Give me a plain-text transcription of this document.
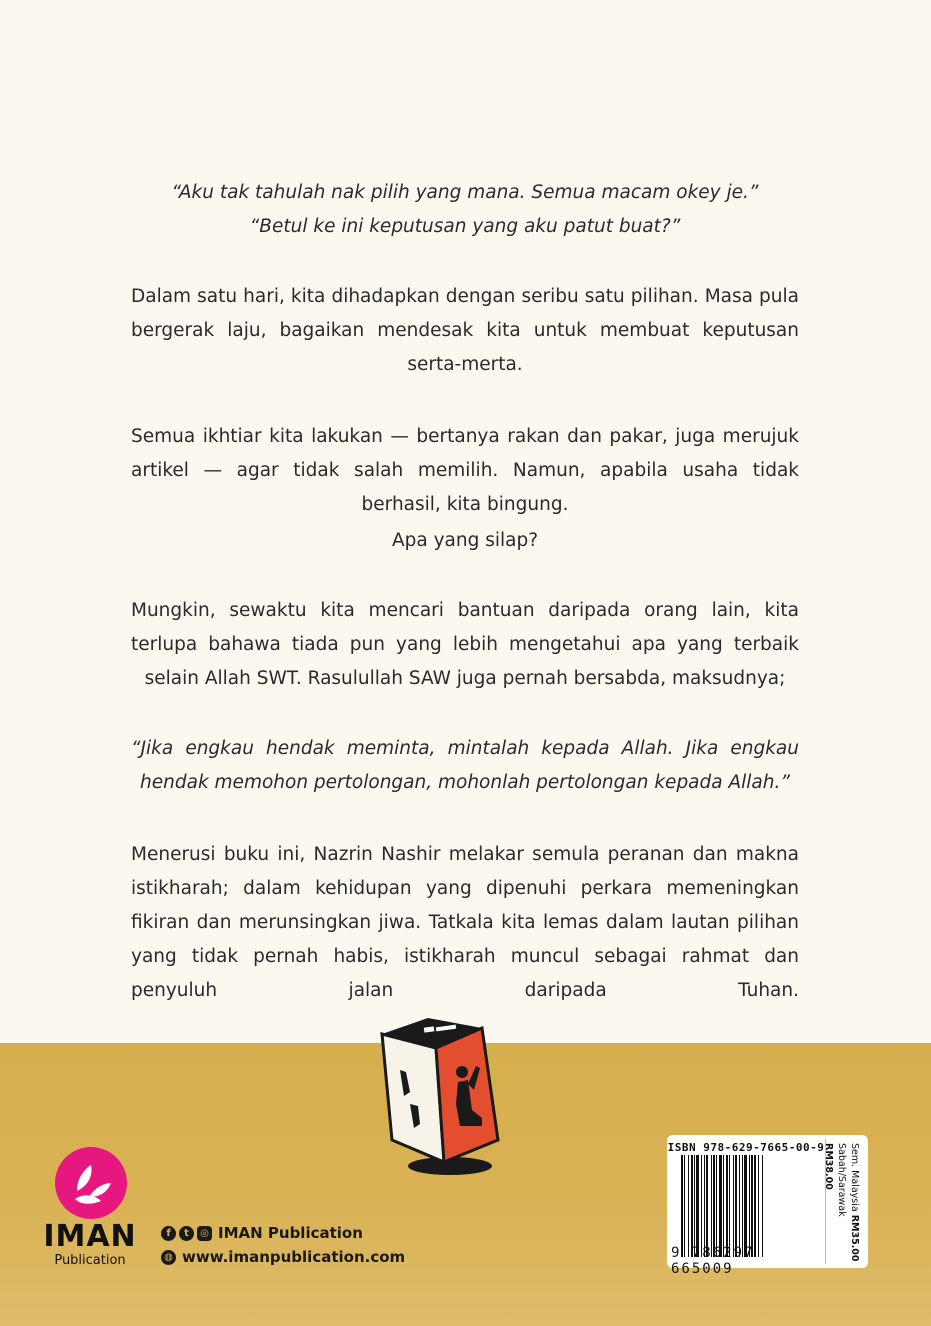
“Aku tak tahulah nak pilih yang mana. Semua macam okey je.”
“Betul ke ini keputusan yang aku patut buat?”
Dalam satu hari, kita dihadapkan dengan seribu satu pilihan. Masa pula bergerak laju, bagaikan mendesak kita untuk membuat keputusan serta-merta.
Semua ikhtiar kita lakukan — bertanya rakan dan pakar, juga merujuk artikel — agar tidak salah memilih. Namun, apabila usaha tidak berhasil, kita bingung.
Apa yang silap?
Mungkin, sewaktu kita mencari bantuan daripada orang lain, kita terlupa bahawa tiada pun yang lebih mengetahui apa yang terbaik selain Allah SWT. Rasulullah SAW juga pernah bersabda, maksudnya;
“Jika engkau hendak meminta, mintalah kepada Allah. Jika engkau hendak memohon pertolongan, mohonlah pertolongan kepada Allah.”
Menerusi buku ini, Nazrin Nashir melakar semula peranan dan makna istikharah; dalam kehidupan yang dipenuhi perkara memeningkan fikiran dan merunsingkan jiwa. Tatkala kita lemas dalam lautan pilihan yang tidak pernah habis, istikharah muncul sebagai rahmat dan penyuluh jalan daripada Tuhan.
IMAN
Publication
f	t	◎ IMAN Publication
◍ www.imanpublication.com
ISBN 978-629-7665-00-9
9 786297 665009
Sem. Malaysia RM35.00
Sabah/Sarawak RM38.00
